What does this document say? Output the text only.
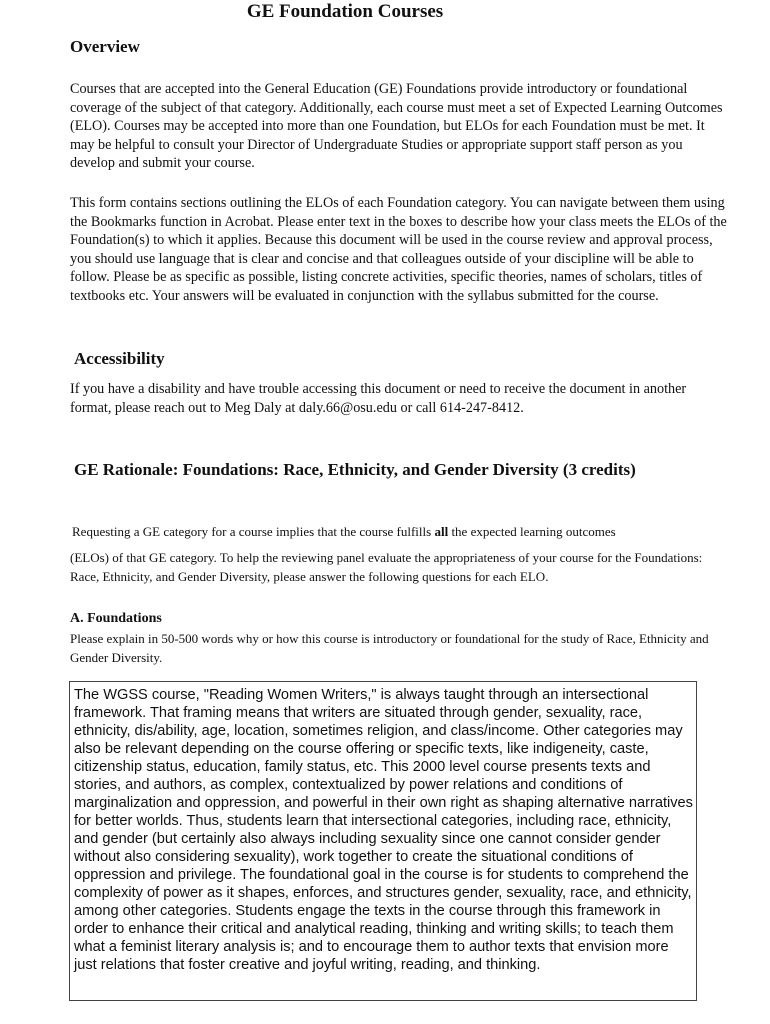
GE Foundation Courses
Overview

Courses that are accepted into the General Education (GE) Foundations provide introductory or foundational coverage of the subject of that category. Additionally, each course must meet a set of Expected Learning Outcomes (ELO). Courses may be accepted into more than one Foundation, but ELOs for each Foundation must be met. It may be helpful to consult your Director of Undergraduate Studies or appropriate support staff person as you develop and submit your course.

This form contains sections outlining the ELOs of each Foundation category. You can navigate between them using the Bookmarks function in Acrobat. Please enter text in the boxes to describe how your class meets the ELOs of the Foundation(s) to which it applies. Because this document will be used in the course review and approval process, you should use language that is clear and concise and that colleagues outside of your discipline will be able to follow. Please be as specific as possible, listing concrete activities, specific theories, names of scholars, titles of textbooks etc. Your answers will be evaluated in conjunction with the syllabus submitted for the course.

Accessibility

If you have a disability and have trouble accessing this document or need to receive the document in another format, please reach out to Meg Daly at daly.66@osu.edu or call 614-247-8412.

GE Rationale: Foundations: Race, Ethnicity, and Gender Diversity (3 credits)

Requesting a GE category for a course implies that the course fulfills all the expected learning outcomes

(ELOs) of that GE category. To help the reviewing panel evaluate the appropriateness of your course for the Foundations: Race, Ethnicity, and Gender Diversity, please answer the following questions for each ELO.

A. Foundations

Please explain in 50-500 words why or how this course is introductory or foundational for the study of Race, Ethnicity and Gender Diversity.

The WGSS course, "Reading Women Writers," is always taught through an intersectional framework. That framing means that writers are situated through gender, sexuality, race, ethnicity, dis/ability, age, location, sometimes religion, and class/income. Other categories may also be relevant depending on the course offering or specific texts, like indigeneity, caste, citizenship status, education, family status, etc. This 2000 level course presents texts and stories, and authors, as complex, contextualized by power relations and conditions of marginalization and oppression, and powerful in their own right as shaping alternative narratives for better worlds. Thus, students learn that intersectional categories, including race, ethnicity, and gender (but certainly also always including sexuality since one cannot consider gender without also considering sexuality), work together to create the situational conditions of oppression and privilege. The foundational goal in the course is for students to comprehend the complexity of power as it shapes, enforces, and structures gender, sexuality, race, and ethnicity, among other categories. Students engage the texts in the course through this framework in order to enhance their critical and analytical reading, thinking and writing skills; to teach them what a feminist literary analysis is; and to encourage them to author texts that envision more just relations that foster creative and joyful writing, reading, and thinking.
